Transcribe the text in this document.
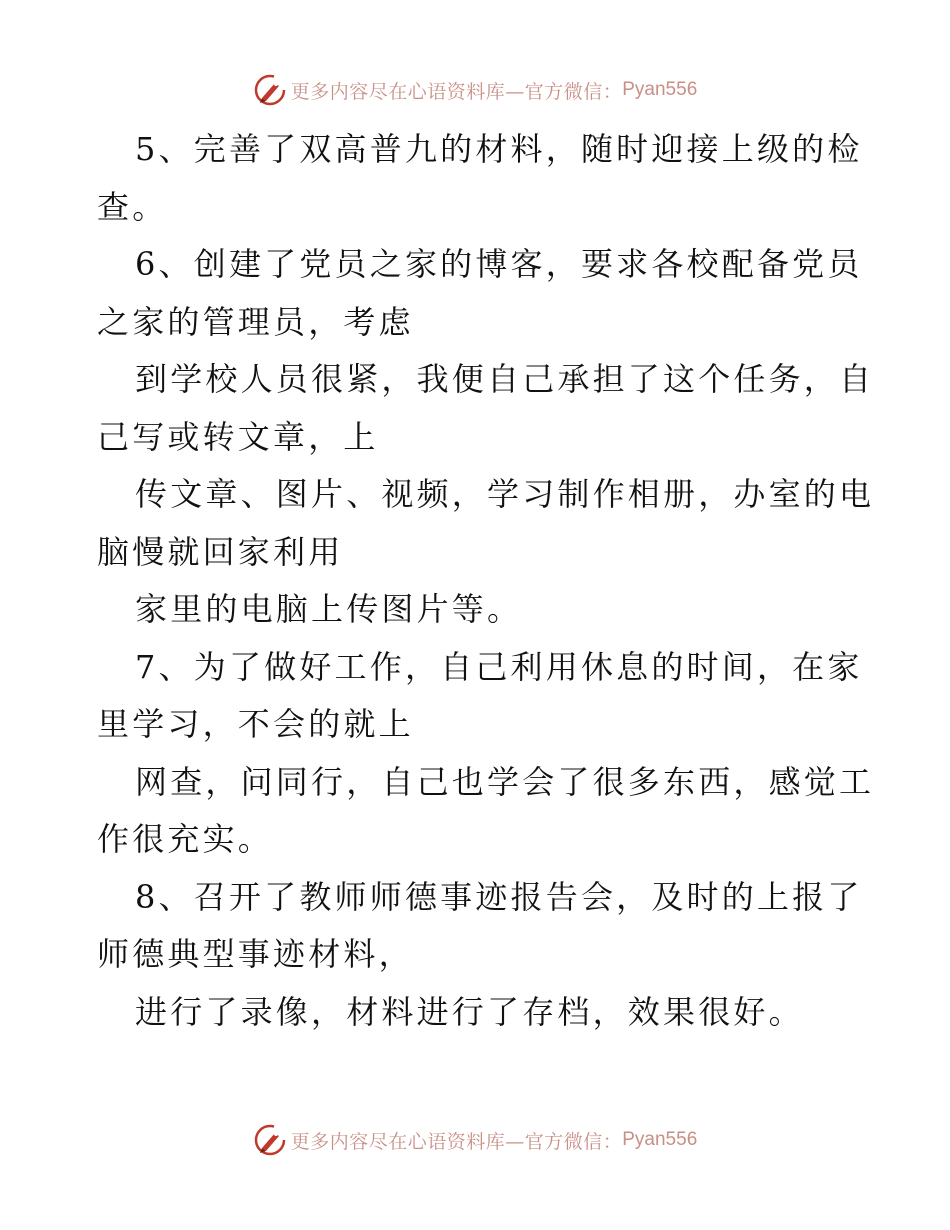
更多内容尽在心语资料库—官方微信： Pyan556
5、完善了双高普九的材料，随时迎接上级的检
查。
6、创建了党员之家的博客，要求各校配备党员
之家的管理员，考虑
到学校人员很紧，我便自己承担了这个任务，自
己写或转文章，上
传文章、图片、视频，学习制作相册，办室的电
脑慢就回家利用
家里的电脑上传图片等。
7、为了做好工作，自己利用休息的时间，在家
里学习，不会的就上
网查，问同行，自己也学会了很多东西，感觉工
作很充实。
8、召开了教师师德事迹报告会，及时的上报了
师德典型事迹材料，
进行了录像，材料进行了存档，效果很好。
更多内容尽在心语资料库—官方微信： Pyan556
